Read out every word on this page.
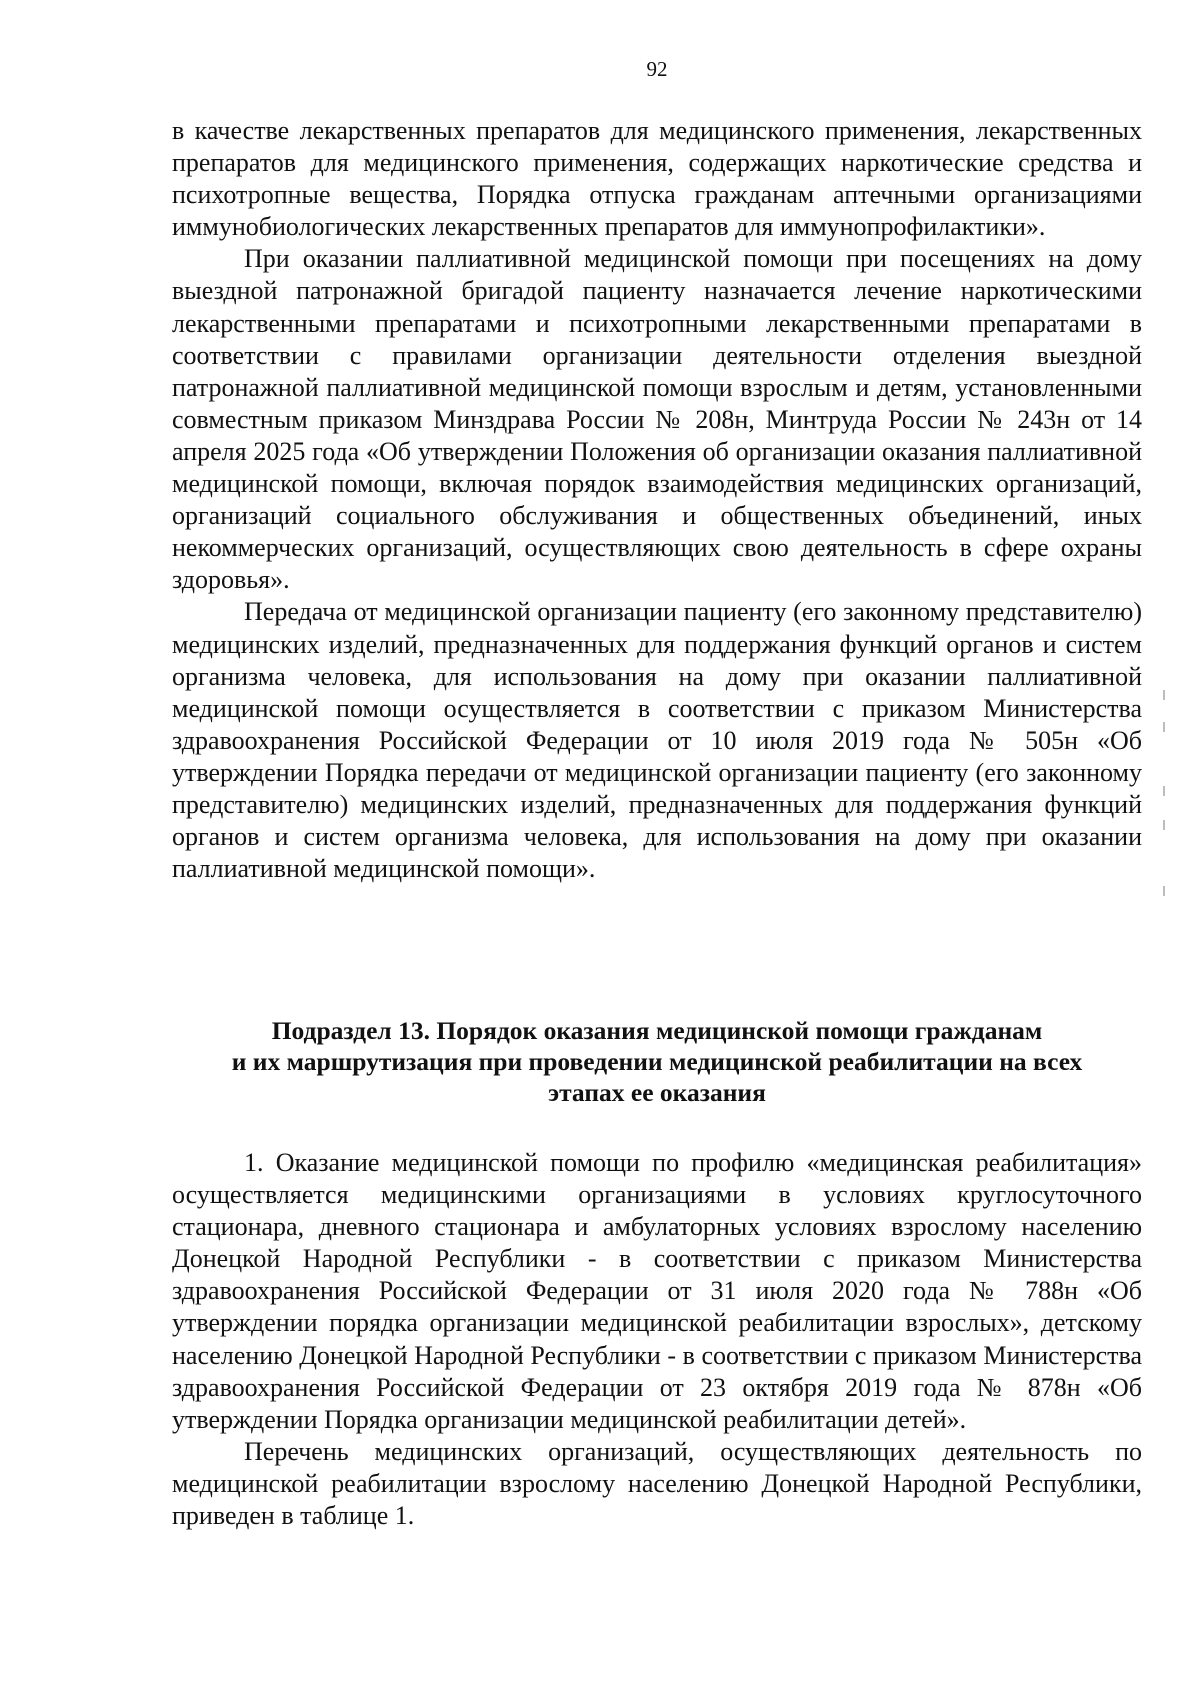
92

в качестве лекарственных препаратов для медицинского применения, лекарственных препаратов для медицинского применения, содержащих наркотические средства и психотропные вещества, Порядка отпуска гражданам аптечными организациями иммунобиологических лекарственных препаратов для иммунопрофилактики».

При оказании паллиативной медицинской помощи при посещениях на дому выездной патронажной бригадой пациенту назначается лечение наркотическими лекарственными препаратами и психотропными лекарственными препаратами в соответствии с правилами организации деятельности отделения выездной патронажной паллиативной медицинской помощи взрослым и детям, установленными совместным приказом Минздрава России № 208н, Минтруда России № 243н от 14 апреля 2025 года «Об утверждении Положения об организации оказания паллиативной медицинской помощи, включая порядок взаимодействия медицинских организаций, организаций социального обслуживания и общественных объединений, иных некоммерческих организаций, осуществляющих свою деятельность в сфере охраны здоровья».

Передача от медицинской организации пациенту (его законному представителю) медицинских изделий, предназначенных для поддержания функций органов и систем организма человека, для использования на дому при оказании паллиативной медицинской помощи осуществляется в соответствии с приказом Министерства здравоохранения Российской Федерации от 10 июля 2019 года № 505н «Об утверждении Порядка передачи от медицинской организации пациенту (его законному представителю) медицинских изделий, предназначенных для поддержания функций органов и систем организма человека, для использования на дому при оказании паллиативной медицинской помощи».

Подраздел 13. Порядок оказания медицинской помощи гражданам
и их маршрутизация при проведении медицинской реабилитации на всех
этапах ее оказания

1. Оказание медицинской помощи по профилю «медицинская реабилитация» осуществляется медицинскими организациями в условиях круглосуточного стационара, дневного стационара и амбулаторных условиях взрослому населению Донецкой Народной Республики - в соответствии с приказом Министерства здравоохранения Российской Федерации от 31 июля 2020 года № 788н «Об утверждении порядка организации медицинской реабилитации взрослых», детскому населению Донецкой Народной Республики - в соответствии с приказом Министерства здравоохранения Российской Федерации от 23 октября 2019 года № 878н «Об утверждении Порядка организации медицинской реабилитации детей».

Перечень медицинских организаций, осуществляющих деятельность по медицинской реабилитации взрослому населению Донецкой Народной Республики, приведен в таблице 1.
